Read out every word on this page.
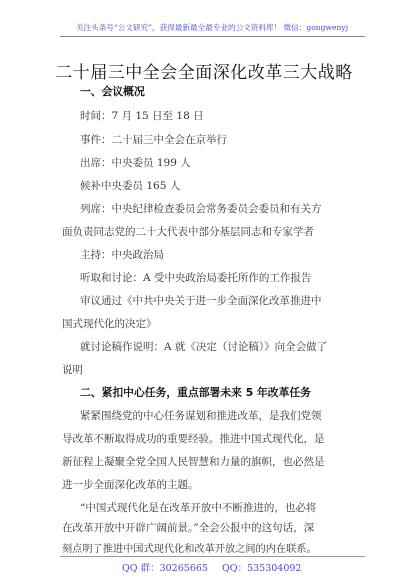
关注头条号“公文研究”，获得最新最全最专业的公文资料库！ 微信：gongwenyj
二十届三中全会全面深化改革三大战略
一、会议概况
时间：7 月 15 日至 18 日
事件：二十届三中全会在京举行
出席：中央委员 199 人
候补中央委员 165 人
列席：中央纪律检查委员会常务委员会委员和有关方
面负责同志党的二十大代表中部分基层同志和专家学者
主持：中央政治局
听取和讨论：A 受中央政治局委托所作的工作报告
审议通过《中共中央关于进一步全面深化改革推进中
国式现代化的决定》
就讨论稿作说明：A 就《决定（讨论稿）》向全会做了
说明
二、紧扣中心任务，重点部署未来 5 年改革任务
紧紧围绕党的中心任务谋划和推进改革，是我们党领
导改革不断取得成功的重要经验。推进中国式现代化，是
新征程上凝聚全党全国人民智慧和力量的旗帜，也必然是
进一步全面深化改革的主题。
“中国式现代化是在改革开放中不断推进的，也必将
在改革开放中开辟广阔前景。”全会公报中的这句话，深
刻点明了推进中国式现代化和改革开放之间的内在联系。
QQ 群：30265665 QQ：535304092
